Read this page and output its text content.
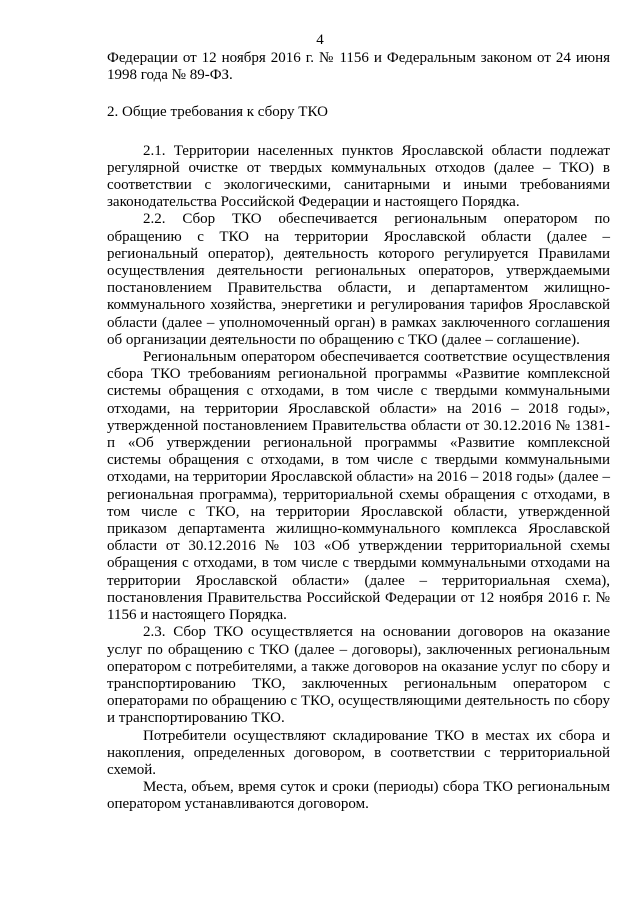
4

Федерации от 12 ноября 2016 г. № 1156 и Федеральным законом от 24 июня 1998 года № 89-ФЗ.

2. Общие требования к сбору ТКО

2.1. Территории населенных пунктов Ярославской области подлежат регулярной очистке от твердых коммунальных отходов (далее – ТКО) в соответствии с экологическими, санитарными и иными требованиями законодательства Российской Федерации и настоящего Порядка.

2.2. Сбор ТКО обеспечивается региональным оператором по обращению с ТКО на территории Ярославской области (далее – региональный оператор), деятельность которого регулируется Правилами осуществления деятельности региональных операторов, утверждаемыми постановлением Правительства области, и департаментом жилищно-коммунального хозяйства, энергетики и регулирования тарифов Ярославской области (далее – уполномоченный орган) в рамках заключенного соглашения об организации деятельности по обращению с ТКО (далее – соглашение).

Региональным оператором обеспечивается соответствие осуществления сбора ТКО требованиям региональной программы «Развитие комплексной системы обращения с отходами, в том числе с твердыми коммунальными отходами, на территории Ярославской области» на 2016 – 2018 годы», утвержденной постановлением Правительства области от 30.12.2016 № 1381-п «Об утверждении региональной программы «Развитие комплексной системы обращения с отходами, в том числе с твердыми коммунальными отходами, на территории Ярославской области» на 2016 – 2018 годы» (далее – региональная программа), территориальной схемы обращения с отходами, в том числе с ТКО, на территории Ярославской области, утвержденной приказом департамента жилищно-коммунального комплекса Ярославской области от 30.12.2016 № 103 «Об утверждении территориальной схемы обращения с отходами, в том числе с твердыми коммунальными отходами на территории Ярославской области» (далее – территориальная схема), постановления Правительства Российской Федерации от 12 ноября 2016 г. № 1156 и настоящего Порядка.

2.3. Сбор ТКО осуществляется на основании договоров на оказание услуг по обращению с ТКО (далее – договоры), заключенных региональным оператором с потребителями, а также договоров на оказание услуг по сбору и транспортированию ТКО, заключенных региональным оператором с операторами по обращению с ТКО, осуществляющими деятельность по сбору и транспортированию ТКО.

Потребители осуществляют складирование ТКО в местах их сбора и накопления, определенных договором, в соответствии с территориальной схемой.

Места, объем, время суток и сроки (периоды) сбора ТКО региональным оператором устанавливаются договором.
